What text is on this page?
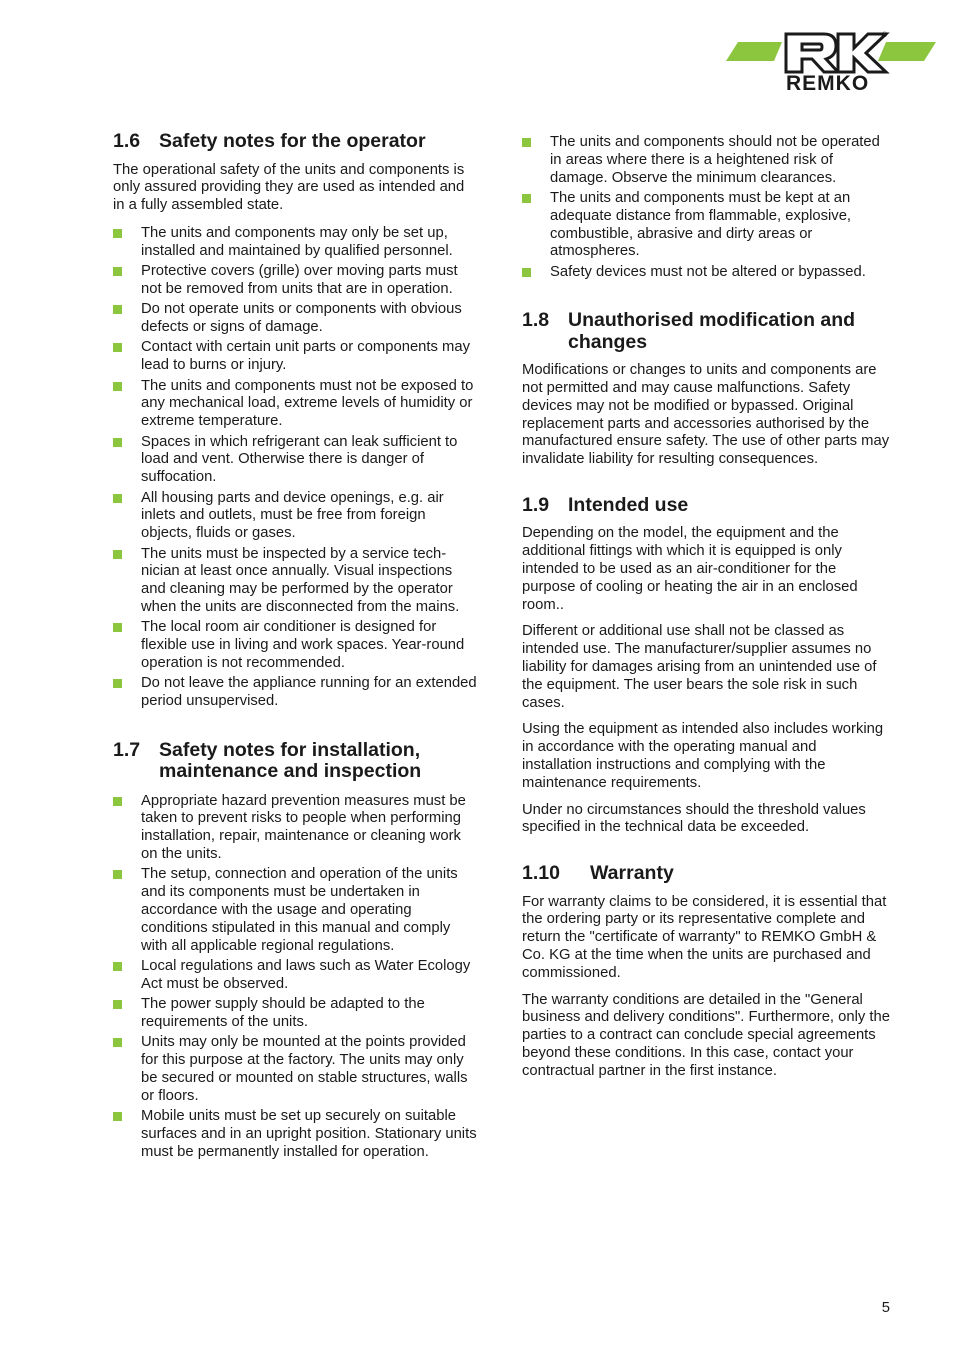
®
REMKO
1.6 Safety notes for the operator

The operational safety of the units and components is only assured providing they are used as intended and in a fully assembled state.

The units and components may only be set up, installed and maintained by qualified personnel.
Protective covers (grille) over moving parts must not be removed from units that are in operation.
Do not operate units or components with obvious defects or signs of damage.
Contact with certain unit parts or components may lead to burns or injury.
The units and components must not be exposed to any mechanical load, extreme levels of humidity or extreme temperature.
Spaces in which refrigerant can leak sufficient to load and vent. Otherwise there is danger of suffocation.
All housing parts and device openings, e.g. air inlets and outlets, must be free from foreign objects, fluids or gases.
The units must be inspected by a service technician at least once annually. Visual inspections and cleaning may be performed by the operator when the units are disconnected from the mains.
The local room air conditioner is designed for flexible use in living and work spaces. Year-round operation is not recommended.
Do not leave the appliance running for an extended period unsupervised.
1.7 Safety notes for installation, maintenance and inspection
Appropriate hazard prevention measures must be taken to prevent risks to people when performing installation, repair, maintenance or cleaning work on the units.
The setup, connection and operation of the units and its components must be undertaken in accordance with the usage and operating conditions stipulated in this manual and comply with all applicable regional regulations.
Local regulations and laws such as Water Ecology Act must be observed.
The power supply should be adapted to the requirements of the units.
Units may only be mounted at the points provided for this purpose at the factory. The units may only be secured or mounted on stable structures, walls or floors.
Mobile units must be set up securely on suitable surfaces and in an upright position. Stationary units must be permanently installed for operation.
The units and components should not be operated in areas where there is a heightened risk of damage. Observe the minimum clearances.
The units and components must be kept at an adequate distance from flammable, explosive, combustible, abrasive and dirty areas or atmospheres.
Safety devices must not be altered or bypassed.
1.8 Unauthorised modification and changes

Modifications or changes to units and components are not permitted and may cause malfunctions. Safety devices may not be modified or bypassed. Original replacement parts and accessories authorised by the manufactured ensure safety. The use of other parts may invalidate liability for resulting consequences.

1.9 Intended use

Depending on the model, the equipment and the additional fittings with which it is equipped is only intended to be used as an air-conditioner for the purpose of cooling or heating the air in an enclosed room..

Different or additional use shall not be classed as intended use. The manufacturer/supplier assumes no liability for damages arising from an unintended use of the equipment. The user bears the sole risk in such cases.

Using the equipment as intended also includes working in accordance with the operating manual and installation instructions and complying with the maintenance requirements.

Under no circumstances should the threshold values specified in the technical data be exceeded.

1.10 Warranty

For warranty claims to be considered, it is essential that the ordering party or its representative complete and return the "certificate of warranty" to REMKO GmbH & Co. KG at the time when the units are purchased and commissioned.

The warranty conditions are detailed in the "General business and delivery conditions". Furthermore, only the parties to a contract can conclude special agreements beyond these conditions. In this case, contact your contractual partner in the first instance.

5
